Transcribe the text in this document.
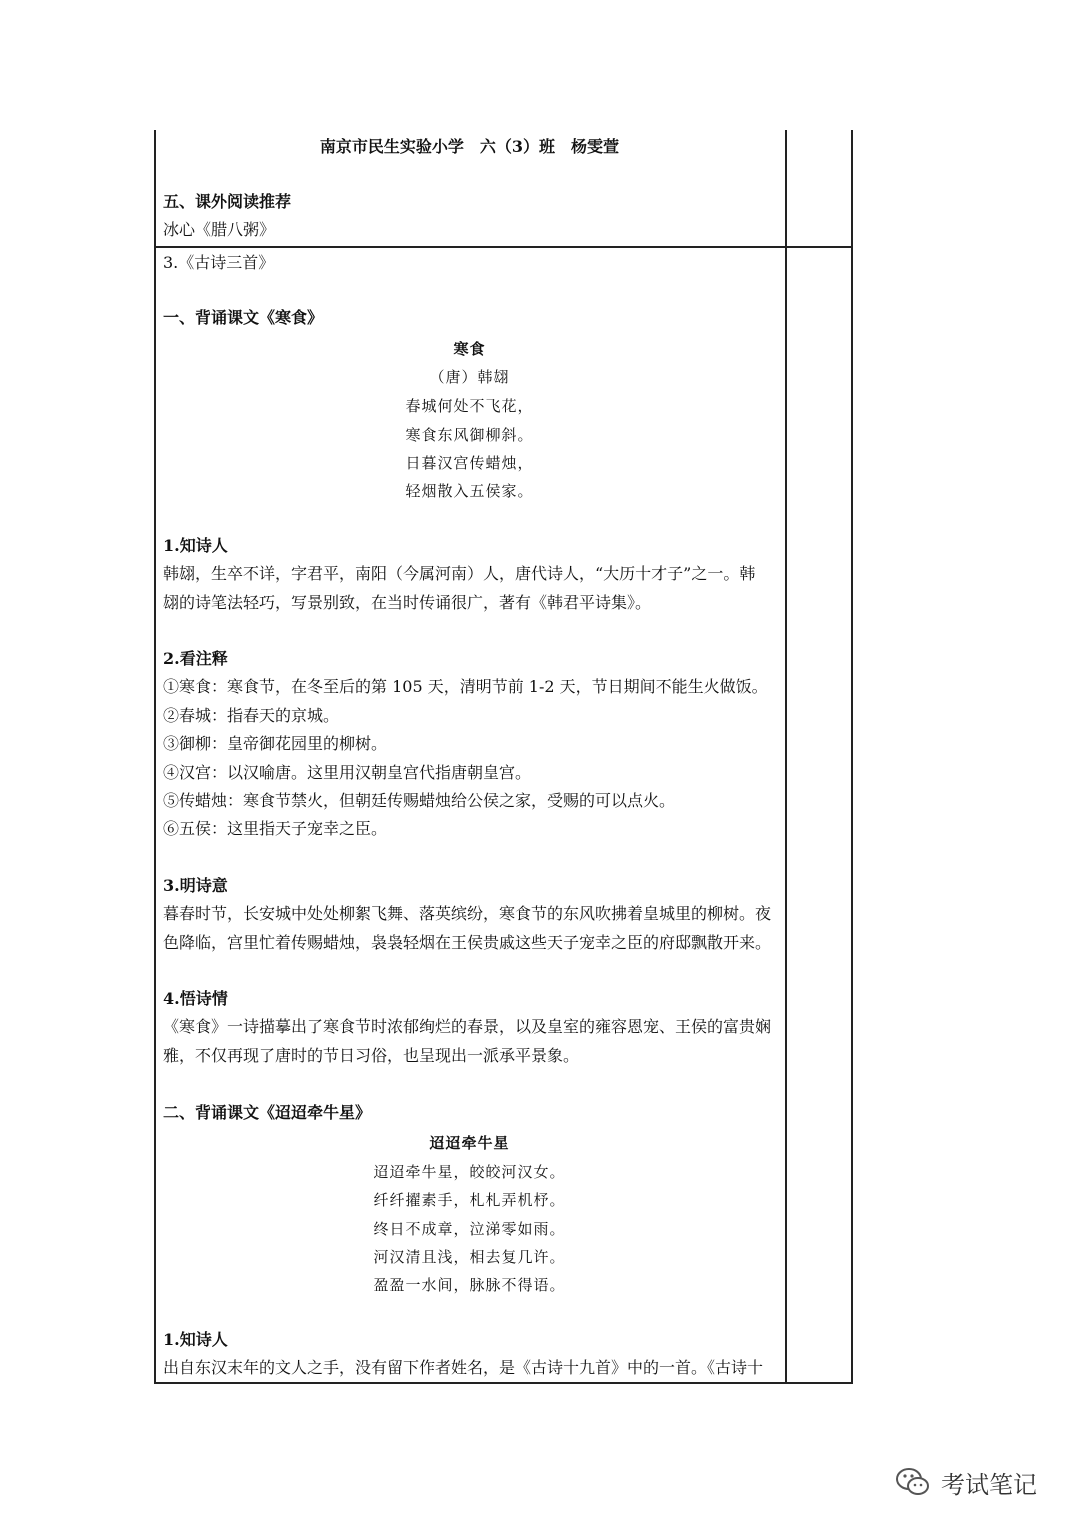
南京市民生实验小学　六（3）班　杨雯萱
五、课外阅读推荐
冰心《腊八粥》
3.《古诗三首》
一、背诵课文《寒食》
寒食
（唐）韩翃
春城何处不飞花，
寒食东风御柳斜。
日暮汉宫传蜡烛，
轻烟散入五侯家。
1.知诗人
韩翃，生卒不详，字君平，南阳（今属河南）人，唐代诗人，“大历十才子”之一。韩
翃的诗笔法轻巧，写景别致，在当时传诵很广，著有《韩君平诗集》。
2.看注释
①寒食：寒食节，在冬至后的第 105 天，清明节前 1-2 天，节日期间不能生火做饭。
②春城：指春天的京城。
③御柳：皇帝御花园里的柳树。
④汉宫：以汉喻唐。这里用汉朝皇宫代指唐朝皇宫。
⑤传蜡烛：寒食节禁火，但朝廷传赐蜡烛给公侯之家，受赐的可以点火。
⑥五侯：这里指天子宠幸之臣。
3.明诗意
暮春时节，长安城中处处柳絮飞舞、落英缤纷，寒食节的东风吹拂着皇城里的柳树。夜
色降临，宫里忙着传赐蜡烛，袅袅轻烟在王侯贵戚这些天子宠幸之臣的府邸飘散开来。
4.悟诗情
《寒食》一诗描摹出了寒食节时浓郁绚烂的春景，以及皇室的雍容恩宠、王侯的富贵娴
雅，不仅再现了唐时的节日习俗，也呈现出一派承平景象。
二、背诵课文《迢迢牵牛星》
迢迢牵牛星
迢迢牵牛星，皎皎河汉女。
纤纤擢素手，札札弄机杼。
终日不成章，泣涕零如雨。
河汉清且浅，相去复几许。
盈盈一水间，脉脉不得语。
1.知诗人
出自东汉末年的文人之手，没有留下作者姓名，是《古诗十九首》中的一首。《古诗十
考试笔记
